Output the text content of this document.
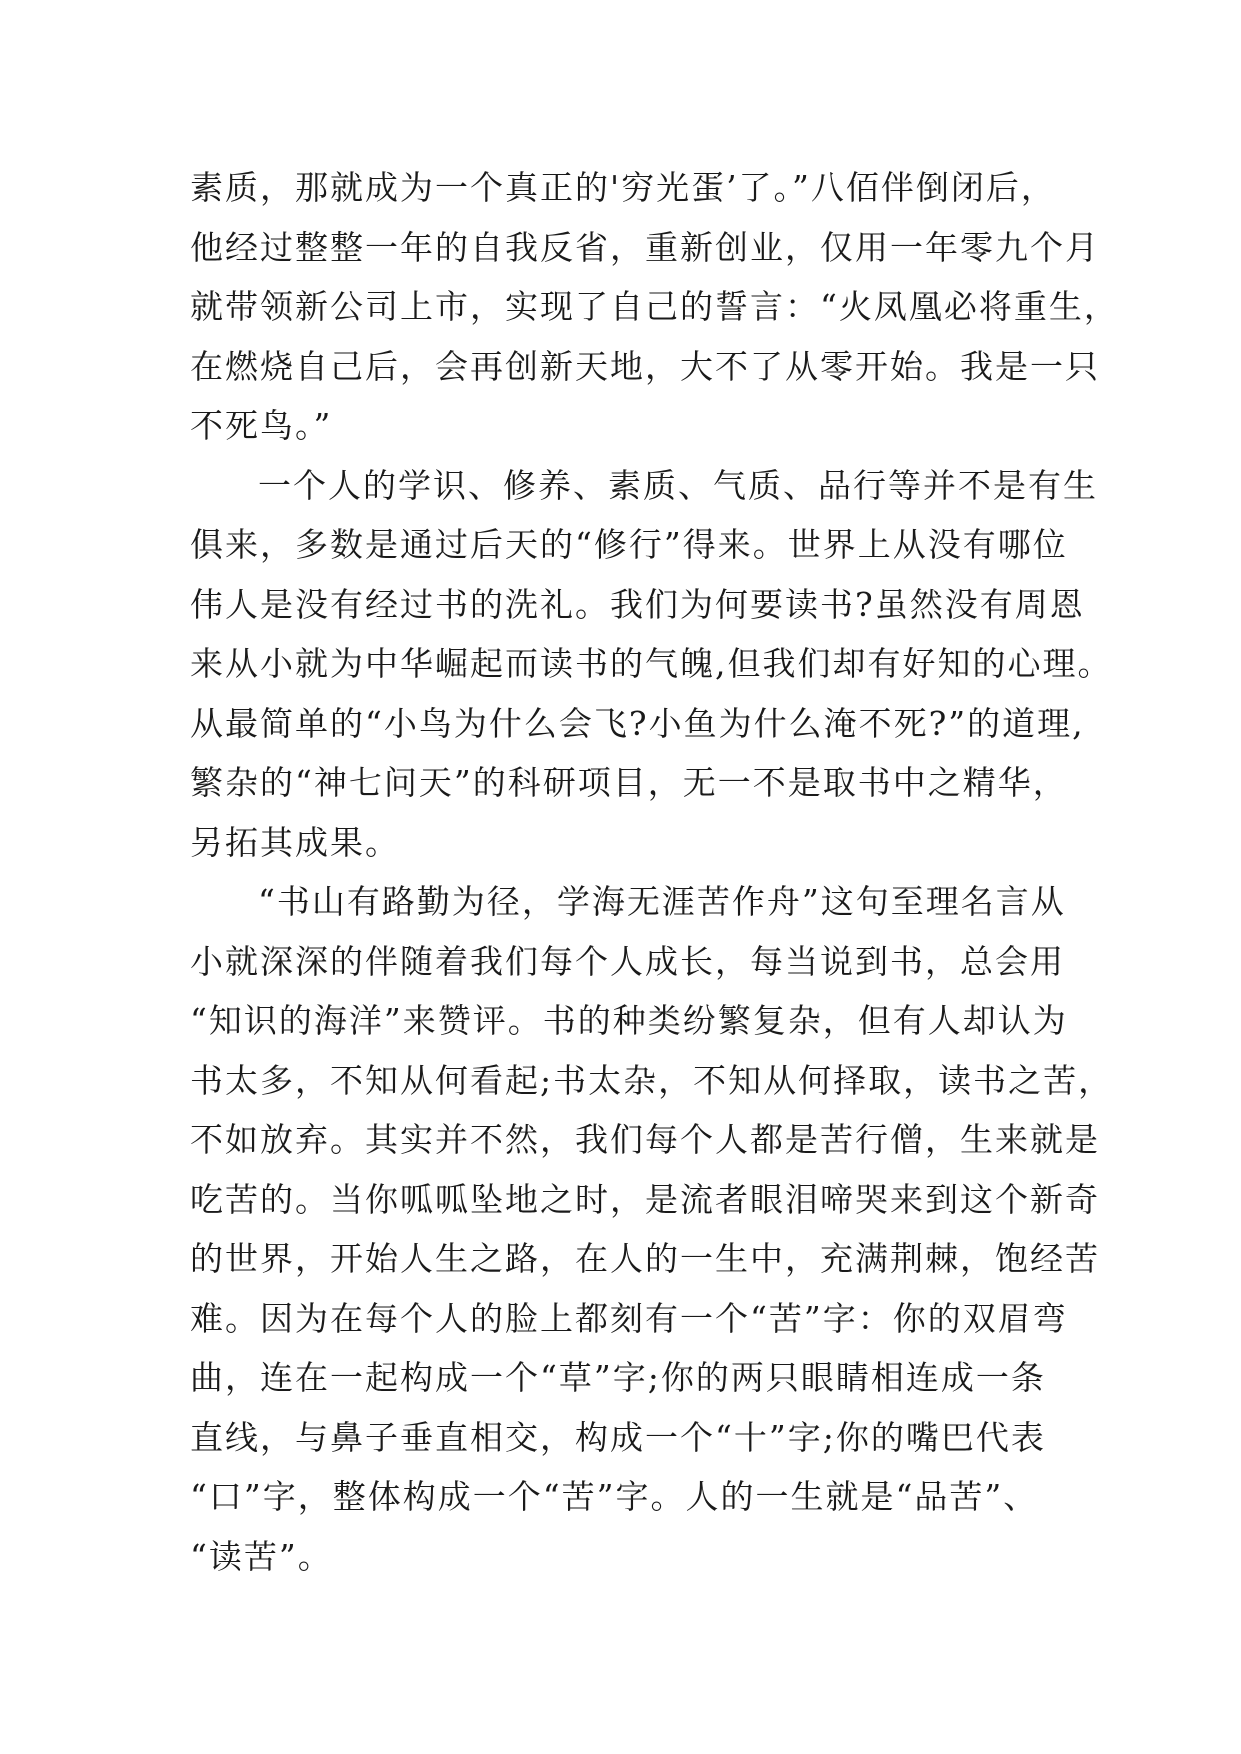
素质，那就成为一个真正的'穷光蛋’了。”八佰伴倒闭后，
他经过整整一年的自我反省，重新创业，仅用一年零九个月
就带领新公司上市，实现了自己的誓言：“火凤凰必将重生，
在燃烧自己后，会再创新天地，大不了从零开始。我是一只
不死鸟。”
一个人的学识、修养、素质、气质、品行等并不是有生
俱来，多数是通过后天的“修行”得来。世界上从没有哪位
伟人是没有经过书的洗礼。我们为何要读书?虽然没有周恩
来从小就为中华崛起而读书的气魄,但我们却有好知的心理。
从最简单的“小鸟为什么会飞?小鱼为什么淹不死?”的道理,
繁杂的“神七问天”的科研项目，无一不是取书中之精华，
另拓其成果。
“书山有路勤为径，学海无涯苦作舟”这句至理名言从
小就深深的伴随着我们每个人成长，每当说到书，总会用
“知识的海洋”来赞评。书的种类纷繁复杂，但有人却认为
书太多，不知从何看起;书太杂，不知从何择取，读书之苦，
不如放弃。其实并不然，我们每个人都是苦行僧，生来就是
吃苦的。当你呱呱坠地之时，是流者眼泪啼哭来到这个新奇
的世界，开始人生之路，在人的一生中，充满荆棘，饱经苦
难。因为在每个人的脸上都刻有一个“苦”字：你的双眉弯
曲，连在一起构成一个“草”字;你的两只眼睛相连成一条
直线，与鼻子垂直相交，构成一个“十”字;你的嘴巴代表
“口”字，整体构成一个“苦”字。人的一生就是“品苦”、
“读苦”。
